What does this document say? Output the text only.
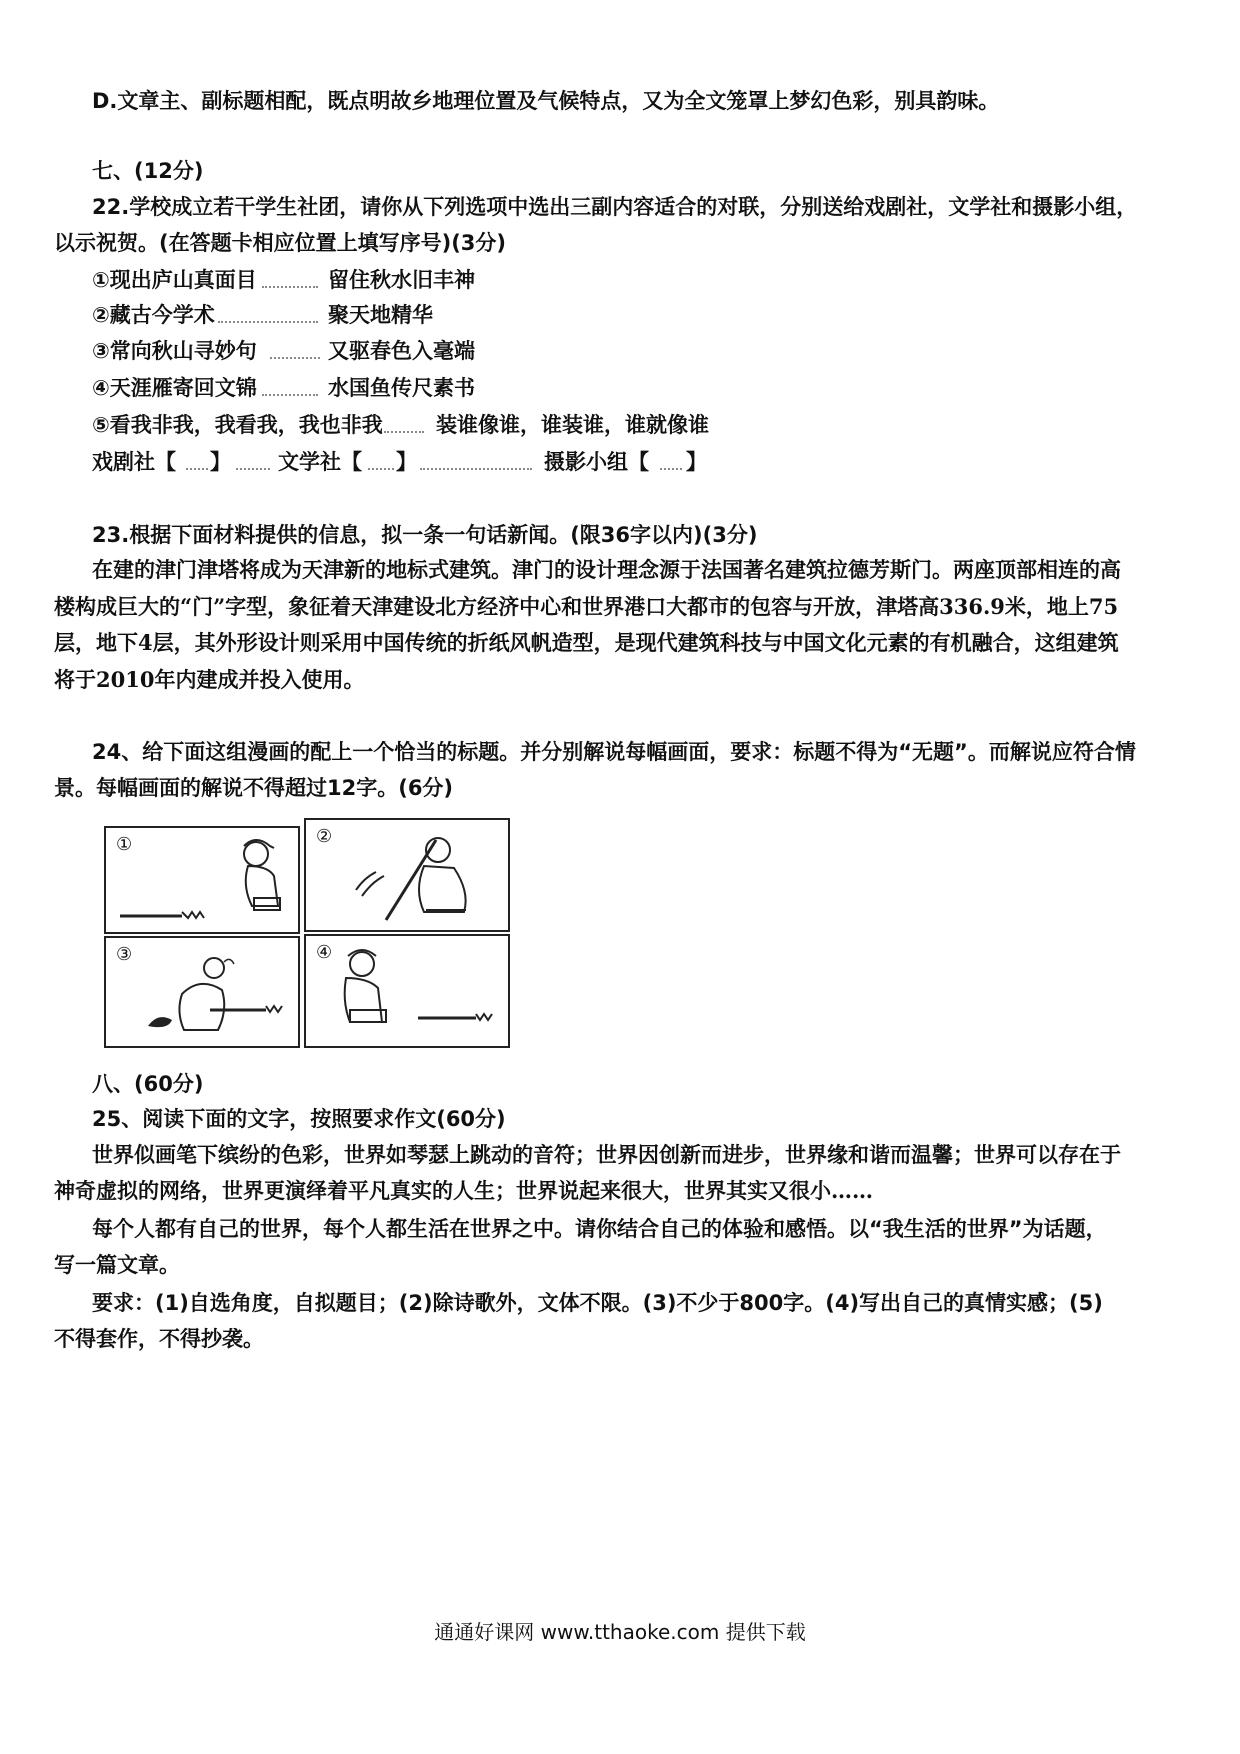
D.文章主、副标题相配，既点明故乡地理位置及气候特点，又为全文笼罩上梦幻色彩，别具韵味。
七、(12分)
22.学校成立若干学生社团，请你从下列选项中选出三副内容适合的对联，分别送给戏剧社，文学社和摄影小组，
以示祝贺。(在答题卡相应位置上填写序号)(3分)
①现出庐山真面目	留住秋水旧丰神
②藏古今学术	聚天地精华
③常向秋山寻妙句	又驱春色入毫端
④天涯雁寄回文锦	水国鱼传尺素书
⑤看我非我，我看我，我也非我	装谁像谁，谁装谁，谁就像谁
戏剧社【 】 文学社【 】	摄影小组【 】
23.根据下面材料提供的信息，拟一条一句话新闻。(限36字以内)(3分)
在建的津门津塔将成为天津新的地标式建筑。津门的设计理念源于法国著名建筑拉德芳斯门。两座顶部相连的高
楼构成巨大的“门”字型，象征着天津建设北方经济中心和世界港口大都市的包容与开放，津塔高336.9米，地上75
层，地下4层，其外形设计则采用中国传统的折纸风帆造型，是现代建筑科技与中国文化元素的有机融合，这组建筑
将于2010年内建成并投入使用。
24、给下面这组漫画的配上一个恰当的标题。并分别解说每幅画面，要求：标题不得为“无题”。而解说应符合情
景。每幅画面的解说不得超过12字。(6分)
①	②
③	④
八、(60分)
25、阅读下面的文字，按照要求作文(60分)
世界似画笔下缤纷的色彩，世界如琴瑟上跳动的音符；世界因创新而进步，世界缘和谐而温馨；世界可以存在于
神奇虚拟的网络，世界更演绎着平凡真实的人生；世界说起来很大，世界其实又很小……
每个人都有自己的世界，每个人都生活在世界之中。请你结合自己的体验和感悟。以“我生活的世界”为话题，
写一篇文章。
要求：(1)自选角度，自拟题目；(2)除诗歌外，文体不限。(3)不少于800字。(4)写出自己的真情实感；(5)
不得套作，不得抄袭。
通通好课网 www.tthaoke.com 提供下载
